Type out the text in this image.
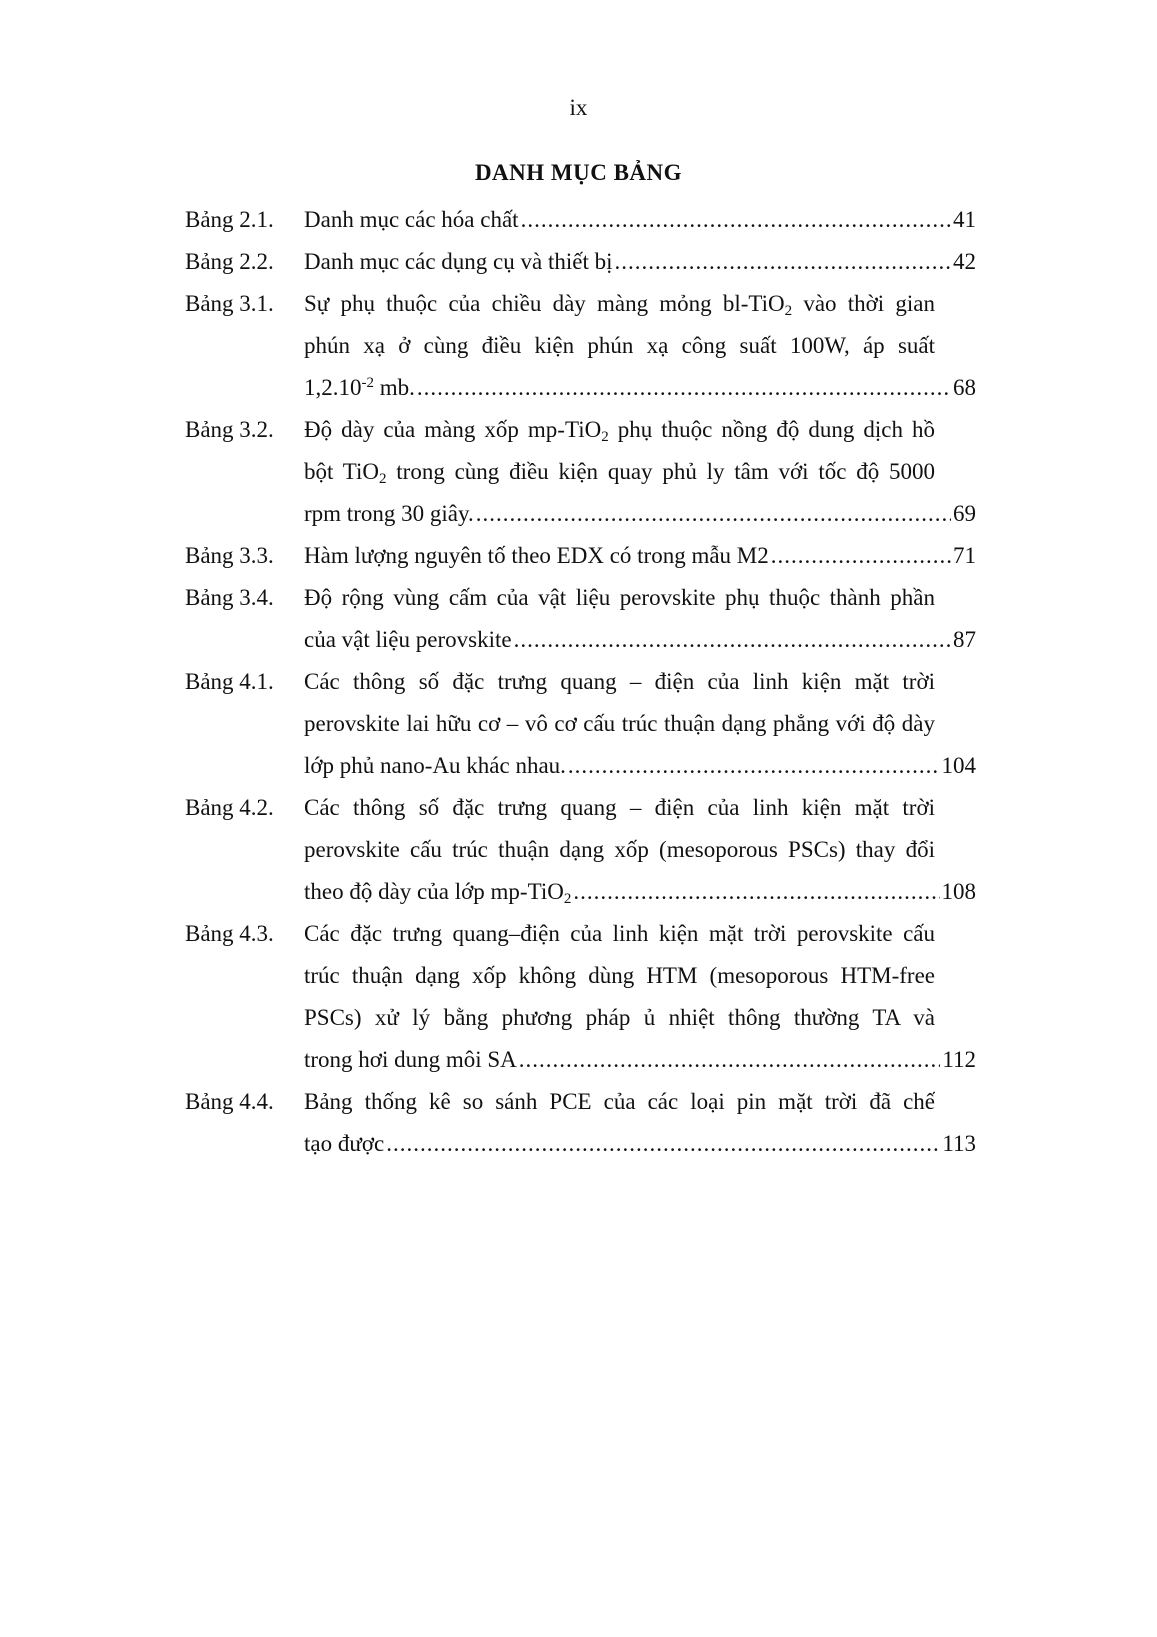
ix
DANH MỤC BẢNG
Bảng 2.1. Danh mục các hóa chất .....	41
Bảng 2.2. Danh mục các dụng cụ và thiết bị .....	42
Bảng 3.1. Sự phụ thuộc của chiều dày màng mỏng bl-TiO$_2$ vào thời gian
phún xạ ở cùng điều kiện phún xạ công suất 100W, áp suất
$1,2.10^{-2}$ mb. .....	68
Bảng 3.2. Độ dày của màng xốp mp-TiO$_2$ phụ thuộc nồng độ dung dịch hồ
bột TiO$_2$ trong cùng điều kiện quay phủ ly tâm với tốc độ 5000
rpm trong 30 giây. .....	69
Bảng 3.3. Hàm lượng nguyên tố theo EDX có trong mẫu M2 .....	71
Bảng 3.4. Độ rộng vùng cấm của vật liệu perovskite phụ thuộc thành phần
của vật liệu perovskite .....	87
Bảng 4.1. Các thông số đặc trưng quang – điện của linh kiện mặt trời
perovskite lai hữu cơ – vô cơ cấu trúc thuận dạng phẳng với độ dày
lớp phủ nano-Au khác nhau. .....	104
Bảng 4.2. Các thông số đặc trưng quang – điện của linh kiện mặt trời
perovskite cấu trúc thuận dạng xốp (mesoporous PSCs) thay đổi
theo độ dày của lớp mp-TiO$_2$ .....	108
Bảng 4.3. Các đặc trưng quang–điện của linh kiện mặt trời perovskite cấu
trúc thuận dạng xốp không dùng HTM (mesoporous HTM-free
PSCs) xử lý bằng phương pháp ủ nhiệt thông thường TA và
trong hơi dung môi SA .....	112
Bảng 4.4. Bảng thống kê so sánh PCE của các loại pin mặt trời đã chế
tạo được .....	113
